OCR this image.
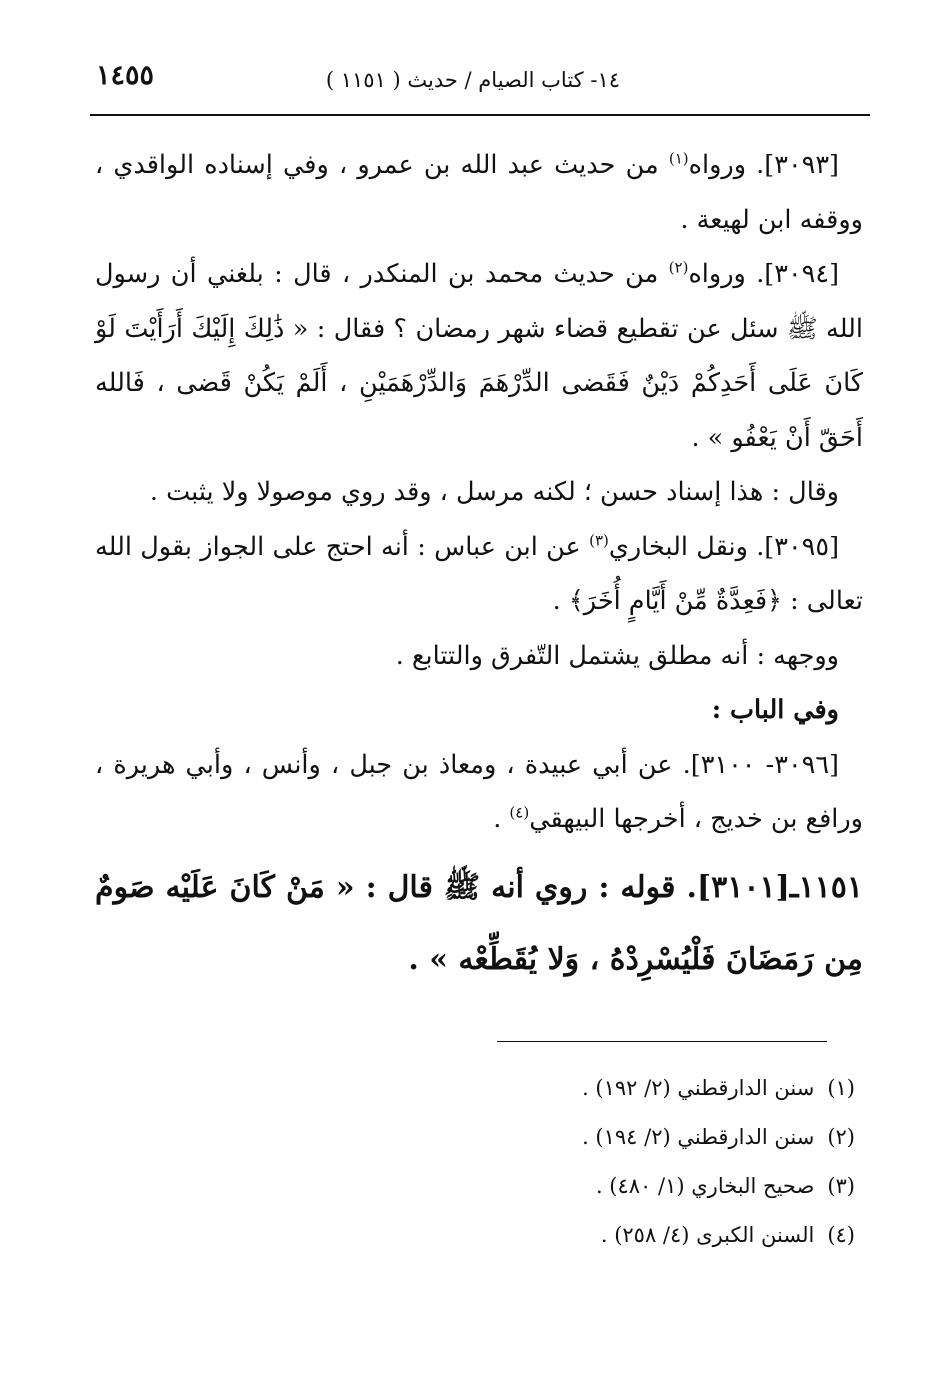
١٤- كتاب الصيام / حديث ( ١١٥١ )
١٤٥٥

[٣٠٩٣]. ورواه$^{(١)}$ من حديث عبد الله بن عمرو ، وفي إسناده الواقدي ، ووقفه ابن لهيعة .

[٣٠٩٤]. ورواه$^{(٢)}$ من حديث محمد بن المنكدر ، قال : بلغني أن رسول الله ﷺ سئل عن تقطيع قضاء شهر رمضان ؟ فقال : « ذَٰلِكَ إِلَيْكَ أَرَأَيْتَ لَوْ كَانَ عَلَى أَحَدِكُمْ دَيْنٌ فَقَضى الدِّرْهَمَ وَالدِّرْهَمَيْنِ ، أَلَمْ يَكُنْ قَضى ، فَالله أَحَقّ أَنْ يَعْفُو » .

وقال : هذا إسناد حسن ؛ لكنه مرسل ، وقد روي موصولا ولا يثبت .

[٣٠٩٥]. ونقل البخاري$^{(٣)}$ عن ابن عباس : أنه احتج على الجواز بقول الله تعالى : ﴿فَعِدَّةٌ مِّنْ أَيَّامٍ أُخَرَ﴾ .

ووجهه : أنه مطلق يشتمل التّفرق والتتابع .

وفي الباب :

[٣٠٩٦- ٣١٠٠]. عن أبي عبيدة ، ومعاذ بن جبل ، وأنس ، وأبي هريرة ، ورافع بن خديج ، أخرجها البيهقي$^{(٤)}$ .

١١٥١ـ[٣١٠١]. قوله : روي أنه ﷺ قال : « مَنْ كَانَ عَلَيْه صَومٌ مِن رَمَضَانَ فَلْيُسْرِدْهُ ، وَلا يُقَطِّعْه » .

(١) سنن الدارقطني (٢/ ١٩٢) .

(٢) سنن الدارقطني (٢/ ١٩٤) .

(٣) صحيح البخاري (١/ ٤٨٠) .

(٤) السنن الكبرى (٤/ ٢٥٨) .
